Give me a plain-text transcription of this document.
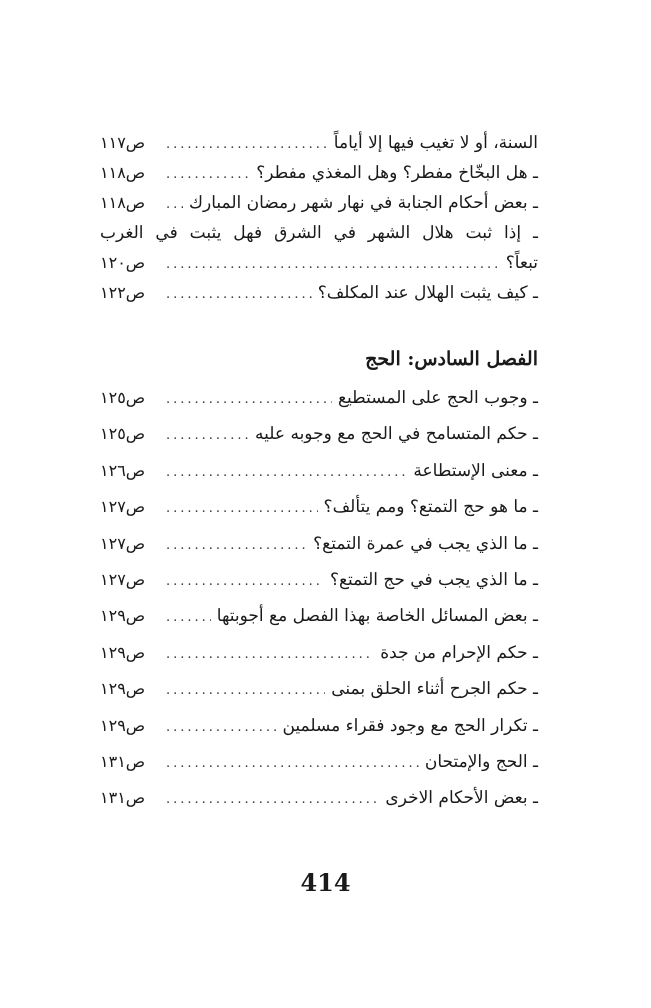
السنة، أو لا تغيب فيها إلا أياماً
.....
ص١١٧
ـ هل البخّاخ مفطر؟ وهل المغذي مفطر؟
.....
ص١١٨
ـ بعض أحكام الجنابة في نهار شهر رمضان المبارك
.....
ص١١٨
ـ إذا ثبت هلال الشهر في الشرق فهل يثبت في الغرب
تبعاً؟
.....
ص١٢٠
ـ كيف يثبت الهلال عند المكلف؟
.....
ص١٢٢
الفصل السادس: الحج
ـ وجوب الحج على المستطيع
.....
ص١٢٥
ـ حكم المتسامح في الحج مع وجوبه عليه
.....
ص١٢٥
ـ معنى الإستطاعة
.....
ص١٢٦
ـ ما هو حج التمتع؟ ومم يتألف؟
.....
ص١٢٧
ـ ما الذي يجب في عمرة التمتع؟
.....
ص١٢٧
ـ ما الذي يجب في حج التمتع؟
.....
ص١٢٧
ـ بعض المسائل الخاصة بهذا الفصل مع أجوبتها
.....
ص١٢٩
ـ حكم الإحرام من جدة
.....
ص١٢٩
ـ حكم الجرح أثناء الحلق بمنى
.....
ص١٢٩
ـ تكرار الحج مع وجود فقراء مسلمين
.....
ص١٢٩
ـ الحج والإمتحان
.....
ص١٣١
ـ بعض الأحكام الاخرى
.....
ص١٣١
414
